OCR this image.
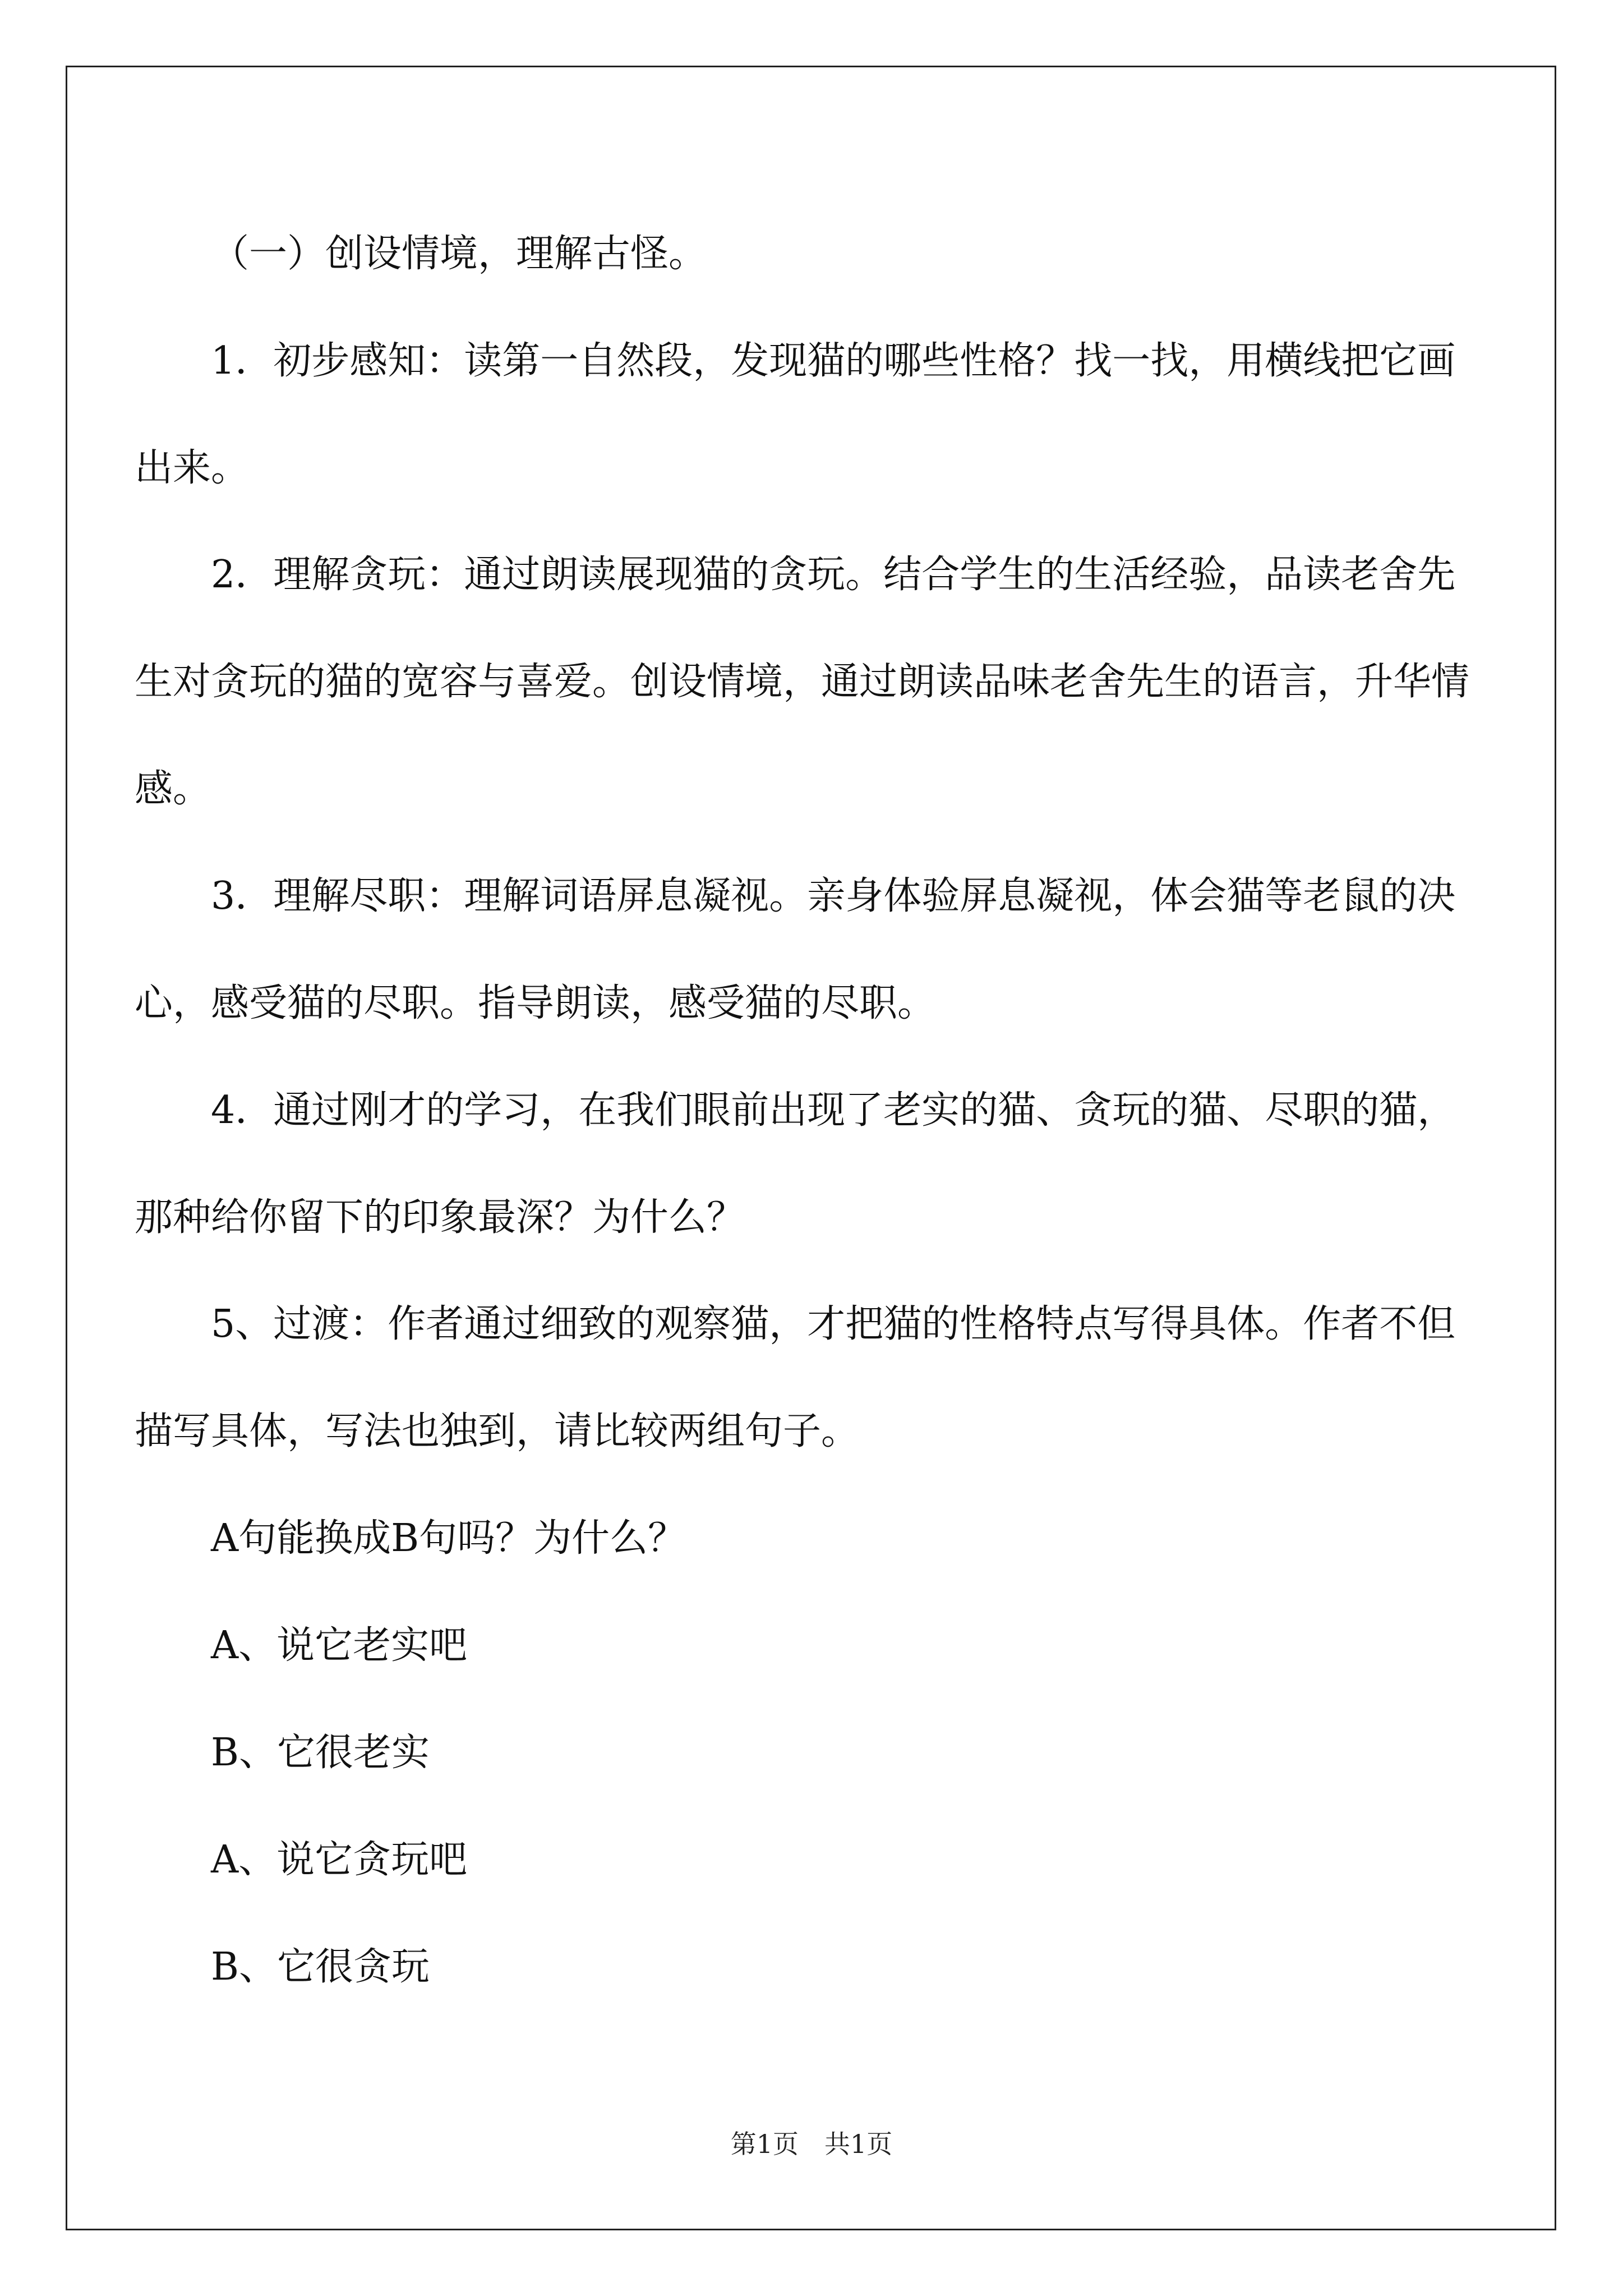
（一）创设情境，理解古怪。

1．初步感知：读第一自然段，发现猫的哪些性格？找一找，用横线把它画出来。

2．理解贪玩：通过朗读展现猫的贪玩。结合学生的生活经验，品读老舍先生对贪玩的猫的宽容与喜爱。创设情境，通过朗读品味老舍先生的语言，升华情感。

3．理解尽职：理解词语屏息凝视。亲身体验屏息凝视，体会猫等老鼠的决心，感受猫的尽职。指导朗读，感受猫的尽职。

4．通过刚才的学习，在我们眼前出现了老实的猫、贪玩的猫、尽职的猫，那种给你留下的印象最深？为什么？

5、过渡：作者通过细致的观察猫，才把猫的性格特点写得具体。作者不但描写具体，写法也独到，请比较两组句子。

A句能换成B句吗？为什么？

A、说它老实吧

B、它很老实

A、说它贪玩吧

B、它很贪玩

第1页　共1页
